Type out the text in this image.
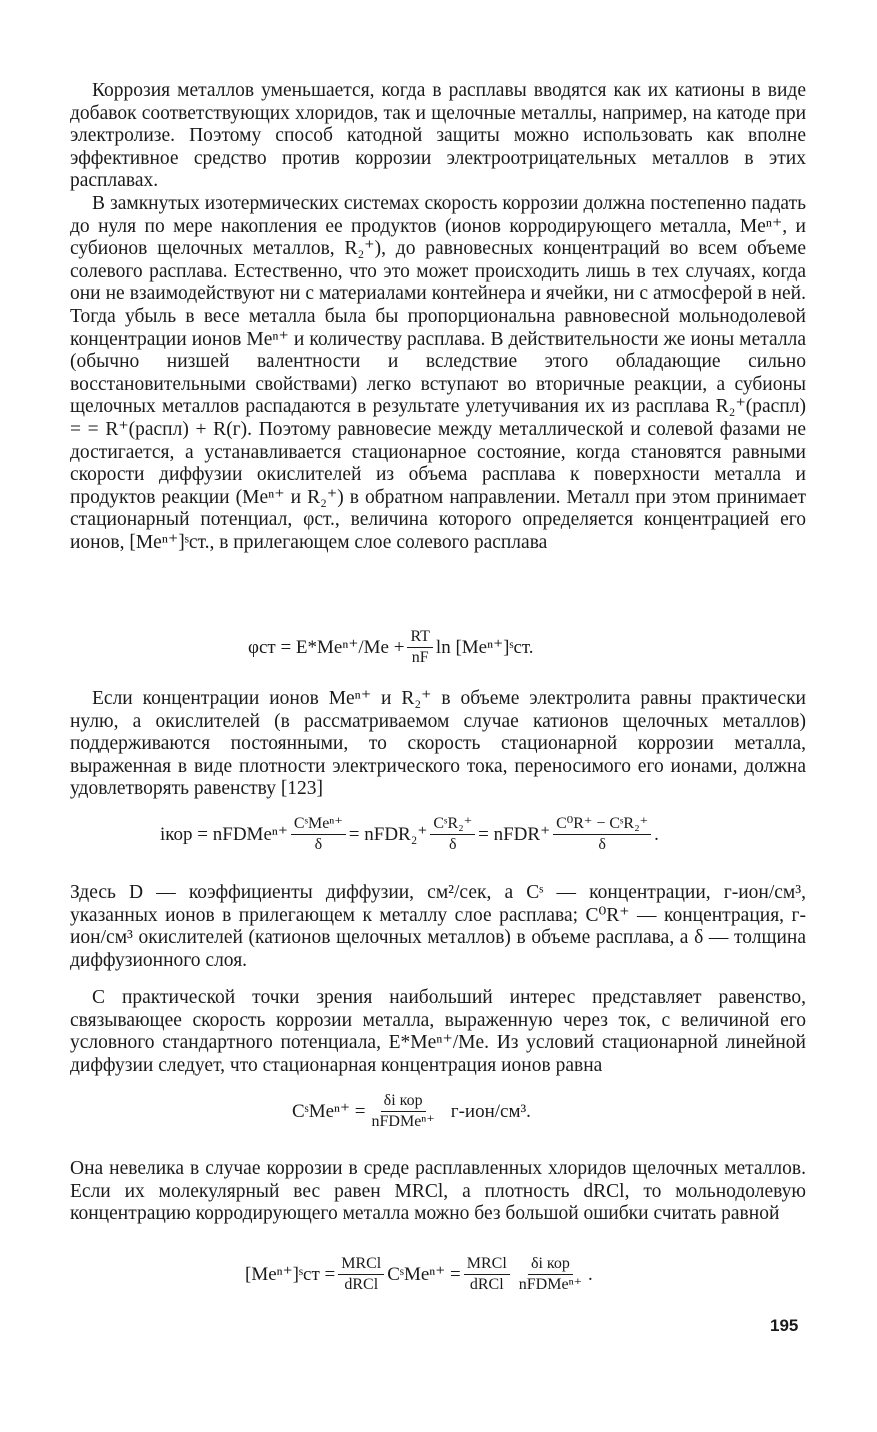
Коррозия металлов уменьшается, когда в расплавы вводятся как их катионы в виде добавок соответствующих хлоридов, так и щелочные металлы, например, на катоде при электролизе. Поэтому способ катодной защиты можно использовать как вполне эффективное средство против коррозии электроотрицательных металлов в этих расплавах.

В замкнутых изотермических системах скорость коррозии должна постепенно падать до нуля по мере накопления ее продуктов (ионов корродирующего металла, Meⁿ⁺, и субионов щелочных металлов, R₂⁺), до равновесных концентраций во всем объеме солевого расплава. Естественно, что это может происходить лишь в тех случаях, когда они не взаимодействуют ни с материалами контейнера и ячейки, ни с атмосферой в ней. Тогда убыль в весе металла была бы пропорциональна равновесной мольнодолевой концентрации ионов Meⁿ⁺ и количеству расплава. В действительности же ионы металла (обычно низшей валентности и вследствие этого обладающие сильно восстановительными свойствами) легко вступают во вторичные реакции, а субионы щелочных металлов распадаются в результате улетучивания их из расплава R₂⁺(распл) = = R⁺(распл) + R(г). Поэтому равновесие между металлической и солевой фазами не достигается, а устанавливается стационарное состояние, когда становятся равными скорости диффузии окислителей из объема расплава к поверхности металла и продуктов реакции (Meⁿ⁺ и R₂⁺) в обратном направлении. Металл при этом принимает стационарный потенциал, φст., величина которого определяется концентрацией его ионов, [Meⁿ⁺]ˢст., в прилегающем слое солевого расплава

$\varphi ст = E*Me^{n+}/Me + \frac{RT}{nF}$ ln [Meⁿ⁺]ˢст.

Если концентрации ионов Meⁿ⁺ и R₂⁺ в объеме электролита равны практически нулю, а окислителей (в рассматриваемом случае катионов щелочных металлов) поддерживаются постоянными, то скорость стационарной коррозии металла, выраженная в виде плотности электрического тока, переносимого его ионами, должна удовлетворять равенству [123]

iкор = nFDMeⁿ⁺ $\frac{\text{CˢMeⁿ⁺}}{\delta}$ = nFDR₂⁺ $\frac{\text{CˢR₂⁺}}{\delta}$ = nFDR⁺ $\frac{\text{C⁰R⁺ − CˢR₂⁺}}{\delta}$ .

Здесь D — коэффициенты диффузии, см²/сек, а Cˢ — концентрации, г-ион/см³, указанных ионов в прилегающем к металлу слое расплава; C⁰R⁺ — концентрация, г-ион/см³ окислителей (катионов щелочных металлов) в объеме расплава, а δ — толщина диффузионного слоя.

С практической точки зрения наибольший интерес представляет равенство, связывающее скорость коррозии металла, выраженную через ток, с величиной его условного стандартного потенциала, E*Meⁿ⁺/Me. Из условий стационарной линейной диффузии следует, что стационарная концентрация ионов равна

CˢMeⁿ⁺ = $\frac{\text{δi кор}}{\text{nFDMeⁿ⁺}} г-ион/см^3$.

Она невелика в случае коррозии в среде расплавленных хлоридов щелочных металлов. Если их молекулярный вес равен MRCl, а плотность dRCl, то мольнодолевую концентрацию корродирующего металла можно без большой ошибки считать равной

[Meⁿ⁺]ˢст = $\frac{\text{MRCl}}{\text{dRCl}}$ CˢMeⁿ⁺ = $\frac{\text{MRCl}}{\text{dRCl}} \frac{\text{δi кор}}{\text{nFDMeⁿ⁺}}$ .
195
